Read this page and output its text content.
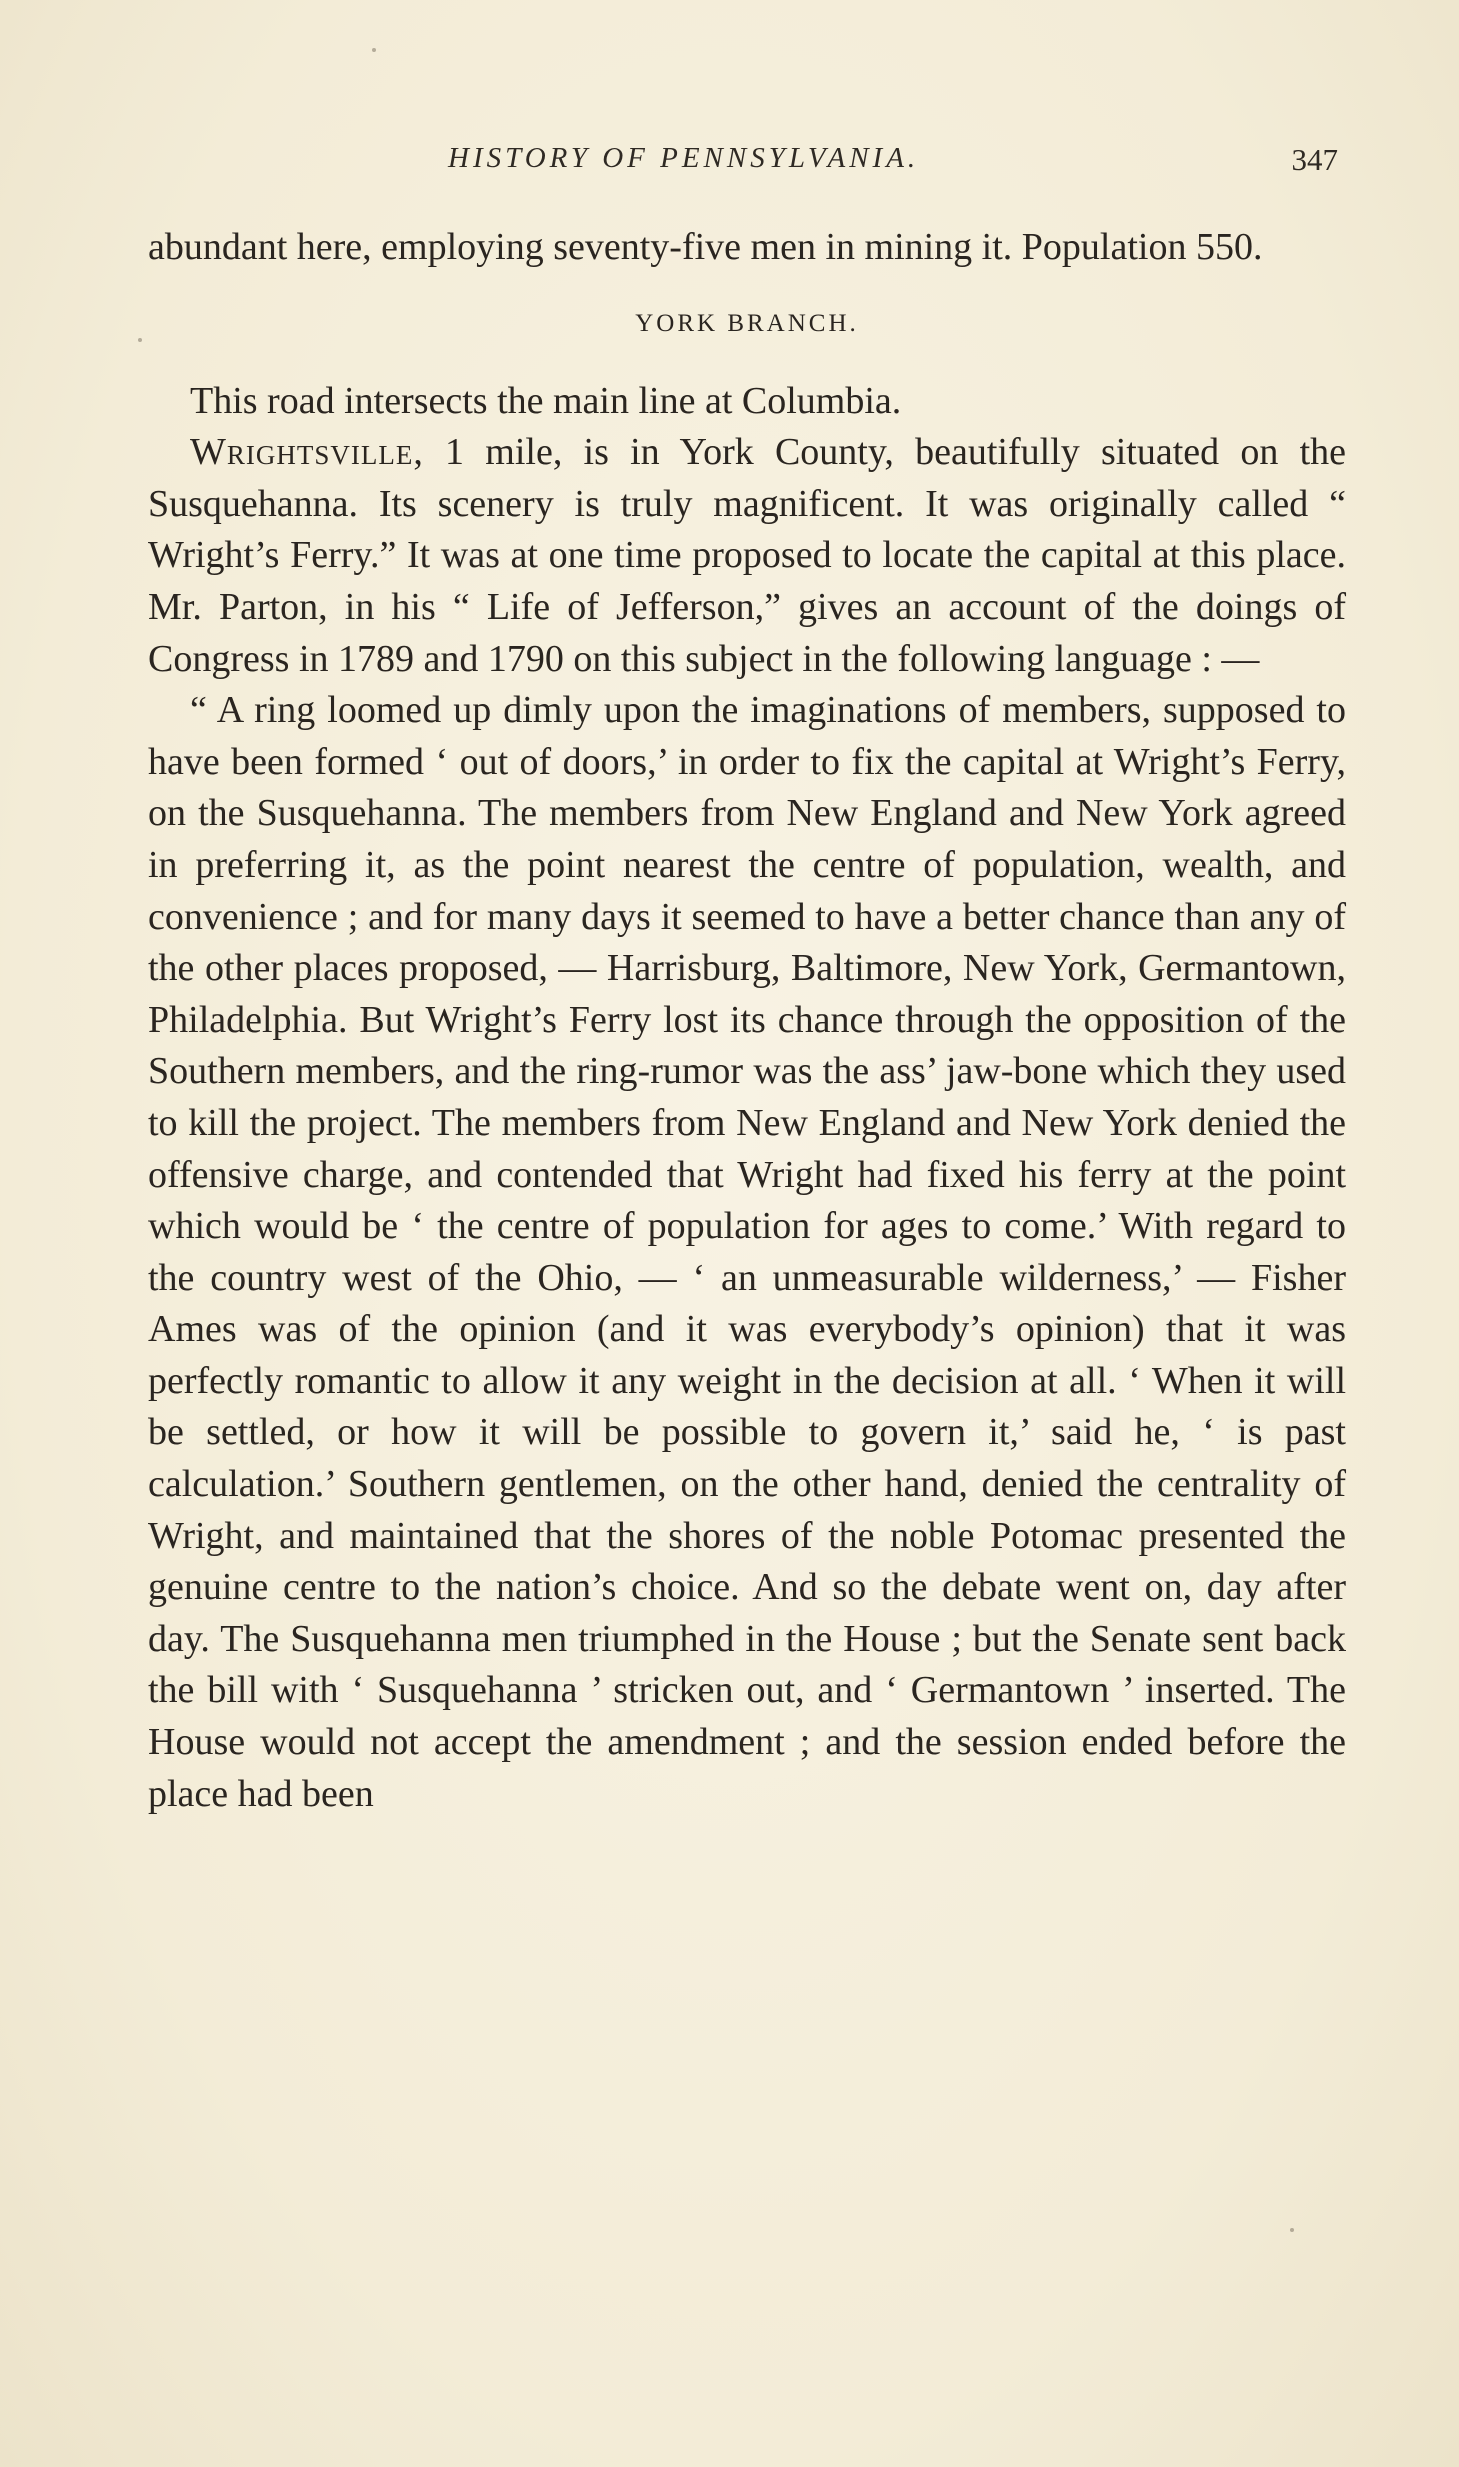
HISTORY OF PENNSYLVANIA.	347

abundant here, employing seventy-five men in mining it. Population 550.

YORK BRANCH.

This road intersects the main line at Columbia.

Wrightsville, 1 mile, is in York County, beautifully situated on the Susquehanna. Its scenery is truly magnificent. It was originally called “ Wright’s Ferry.” It was at one time proposed to locate the capital at this place. Mr. Parton, in his “ Life of Jefferson,” gives an account of the doings of Congress in 1789 and 1790 on this subject in the following language : —

“ A ring loomed up dimly upon the imaginations of members, supposed to have been formed ‘ out of doors,’ in order to fix the capital at Wright’s Ferry, on the Susquehanna. The members from New England and New York agreed in preferring it, as the point nearest the centre of population, wealth, and convenience ; and for many days it seemed to have a better chance than any of the other places proposed, — Harrisburg, Baltimore, New York, Germantown, Philadelphia. But Wright’s Ferry lost its chance through the opposition of the Southern members, and the ring-rumor was the ass’ jaw-bone which they used to kill the project. The members from New England and New York denied the offensive charge, and contended that Wright had fixed his ferry at the point which would be ‘ the centre of population for ages to come.’ With regard to the country west of the Ohio, — ‘ an unmeasurable wilderness,’ — Fisher Ames was of the opinion (and it was everybody’s opinion) that it was perfectly romantic to allow it any weight in the decision at all. ‘ When it will be settled, or how it will be possible to govern it,’ said he, ‘ is past calculation.’ Southern gentlemen, on the other hand, denied the centrality of Wright, and maintained that the shores of the noble Potomac presented the genuine centre to the nation’s choice. And so the debate went on, day after day. The Susquehanna men triumphed in the House ; but the Senate sent back the bill with ‘ Susquehanna ’ stricken out, and ‘ Germantown ’ inserted. The House would not accept the amendment ; and the session ended before the place had been
